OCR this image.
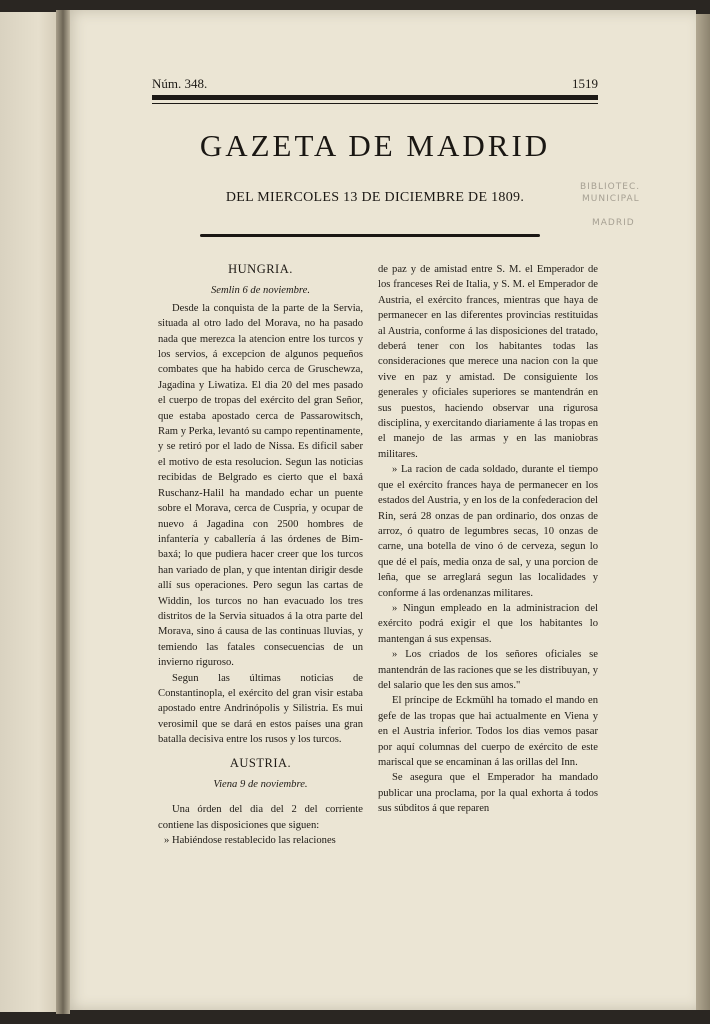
Núm. 348.	1519
GAZETA DE MADRID
DEL MIERCOLES 13 DE DICIEMBRE DE 1809.
BIBLIOTEC.
MUNICIPAL
MADRID
HUNGRIA.
Semlin 6 de noviembre.

Desde la conquista de la parte de la Servia, situada al otro lado del Morava, no ha pasado nada que merezca la atencion entre los turcos y los servios, á excepcion de algunos pequeños combates que ha habido cerca de Gruschewza, Jagadina y Liwatiza. El dia 20 del mes pasado el cuerpo de tropas del exército del gran Señor, que estaba apostado cerca de Passarowitsch, Ram y Perka, levantó su campo repentinamente, y se retiró por el lado de Nissa. Es dificil saber el motivo de esta resolucion. Segun las noticias recibidas de Belgrado es cierto que el baxá Ruschanz-Halil ha mandado echar un puente sobre el Morava, cerca de Cuspria, y ocupar de nuevo á Jagadina con 2500 hombres de infantería y caballería á las órdenes de Bim-baxá; lo que pudiera hacer creer que los turcos han variado de plan, y que intentan dirigir desde allí sus operaciones. Pero segun las cartas de Widdin, los turcos no han evacuado los tres distritos de la Servia situados á la otra parte del Morava, sino á causa de las continuas lluvias, y temiendo las fatales consecuencias de un invierno riguroso.

Segun las últimas noticias de Constantinopla, el exército del gran visir estaba apostado entre Andrinópolis y Silistria. Es mui verosimil que se dará en estos países una gran batalla decisiva entre los rusos y los turcos.

AUSTRIA.
Viena 9 de noviembre.

Una órden del dia del 2 del corriente contiene las disposiciones que siguen:

» Habiéndose restablecido las relaciones

de paz y de amistad entre S. M. el Emperador de los franceses Rei de Italia, y S. M. el Emperador de Austria, el exército frances, mientras que haya de permanecer en las diferentes provincias restituidas al Austria, conforme á las disposiciones del tratado, deberá tener con los habitantes todas las consideraciones que merece una nacion con la que vive en paz y amistad. De consiguiente los generales y oficiales superiores se mantendrán en sus puestos, haciendo observar una rigurosa disciplina, y exercitando diariamente á las tropas en el manejo de las armas y en las maniobras militares.

» La racion de cada soldado, durante el tiempo que el exército frances haya de permanecer en los estados del Austria, y en los de la confederacion del Rin, será 28 onzas de pan ordinario, dos onzas de arroz, ó quatro de legumbres secas, 10 onzas de carne, una botella de vino ó de cerveza, segun lo que dé el país, media onza de sal, y una porcion de leña, que se arreglará segun las localidades y conforme á las ordenanzas militares.

» Ningun empleado en la administracion del exército podrá exigir el que los habitantes lo mantengan á sus expensas.

» Los criados de los señores oficiales se mantendrán de las raciones que se les distribuyan, y del salario que les den sus amos."

El príncipe de Eckmühl ha tomado el mando en gefe de las tropas que hai actualmente en Viena y en el Austria inferior. Todos los dias vemos pasar por aquí columnas del cuerpo de exército de este mariscal que se encaminan á las orillas del Inn.

Se asegura que el Emperador ha mandado publicar una proclama, por la qual exhorta á todos sus súbditos á que reparen
